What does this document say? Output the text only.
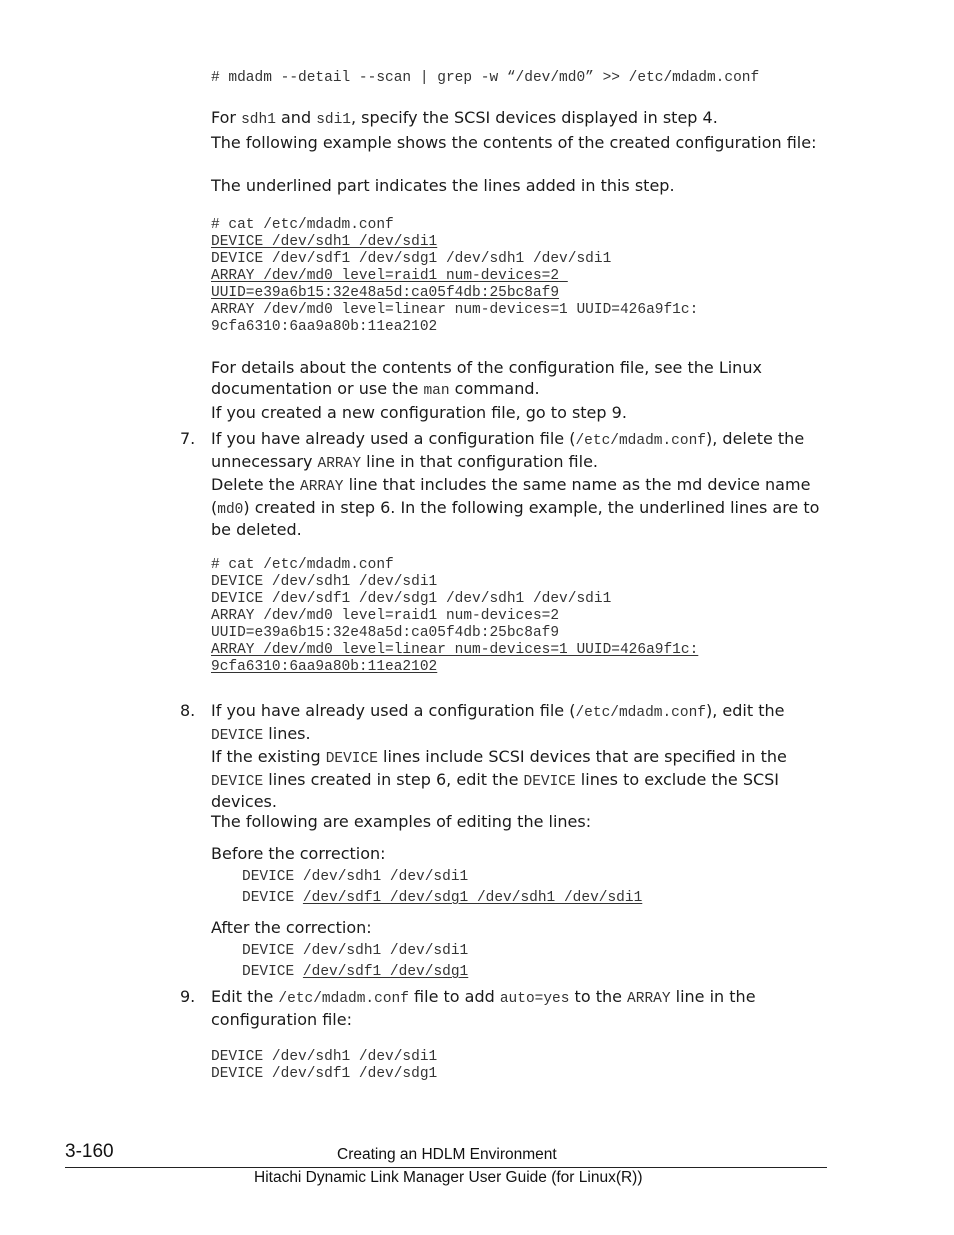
# mdadm --detail --scan | grep -w “/dev/md0” >> /etc/mdadm.conf

For sdh1 and sdi1, specify the SCSI devices displayed in step 4.

The following example shows the contents of the created configuration file:

The underlined part indicates the lines added in this step.

# cat /etc/mdadm.conf
DEVICE /dev/sdh1 /dev/sdi1
DEVICE /dev/sdf1 /dev/sdg1 /dev/sdh1 /dev/sdi1
ARRAY /dev/md0 level=raid1 num-devices=2
UUID=e39a6b15:32e48a5d:ca05f4db:25bc8af9
ARRAY /dev/md0 level=linear num-devices=1 UUID=426a9f1c:
9cfa6310:6aa9a80b:11ea2102

For details about the contents of the configuration file, see the Linux documentation or use the man command.

If you created a new configuration file, go to step 9.

7. If you have already used a configuration file (/etc/mdadm.conf), delete the unnecessary ARRAY line in that configuration file.

Delete the ARRAY line that includes the same name as the md device name (md0) created in step 6. In the following example, the underlined lines are to be deleted.

# cat /etc/mdadm.conf
DEVICE /dev/sdh1 /dev/sdi1
DEVICE /dev/sdf1 /dev/sdg1 /dev/sdh1 /dev/sdi1
ARRAY /dev/md0 level=raid1 num-devices=2
UUID=e39a6b15:32e48a5d:ca05f4db:25bc8af9
ARRAY /dev/md0 level=linear num-devices=1 UUID=426a9f1c:
9cfa6310:6aa9a80b:11ea2102
8. If you have already used a configuration file (/etc/mdadm.conf), edit the DEVICE lines.

If the existing DEVICE lines include SCSI devices that are specified in the DEVICE lines created in step 6, edit the DEVICE lines to exclude the SCSI devices.

The following are examples of editing the lines:

Before the correction:

DEVICE /dev/sdh1 /dev/sdi1
DEVICE /dev/sdf1 /dev/sdg1 /dev/sdh1 /dev/sdi1

After the correction:

DEVICE /dev/sdh1 /dev/sdi1
DEVICE /dev/sdf1 /dev/sdg1
9. Edit the /etc/mdadm.conf file to add auto=yes to the ARRAY line in the configuration file:

DEVICE /dev/sdh1 /dev/sdi1
DEVICE /dev/sdf1 /dev/sdg1
3-160	Creating an HDLM Environment
Hitachi Dynamic Link Manager User Guide (for Linux(R))
